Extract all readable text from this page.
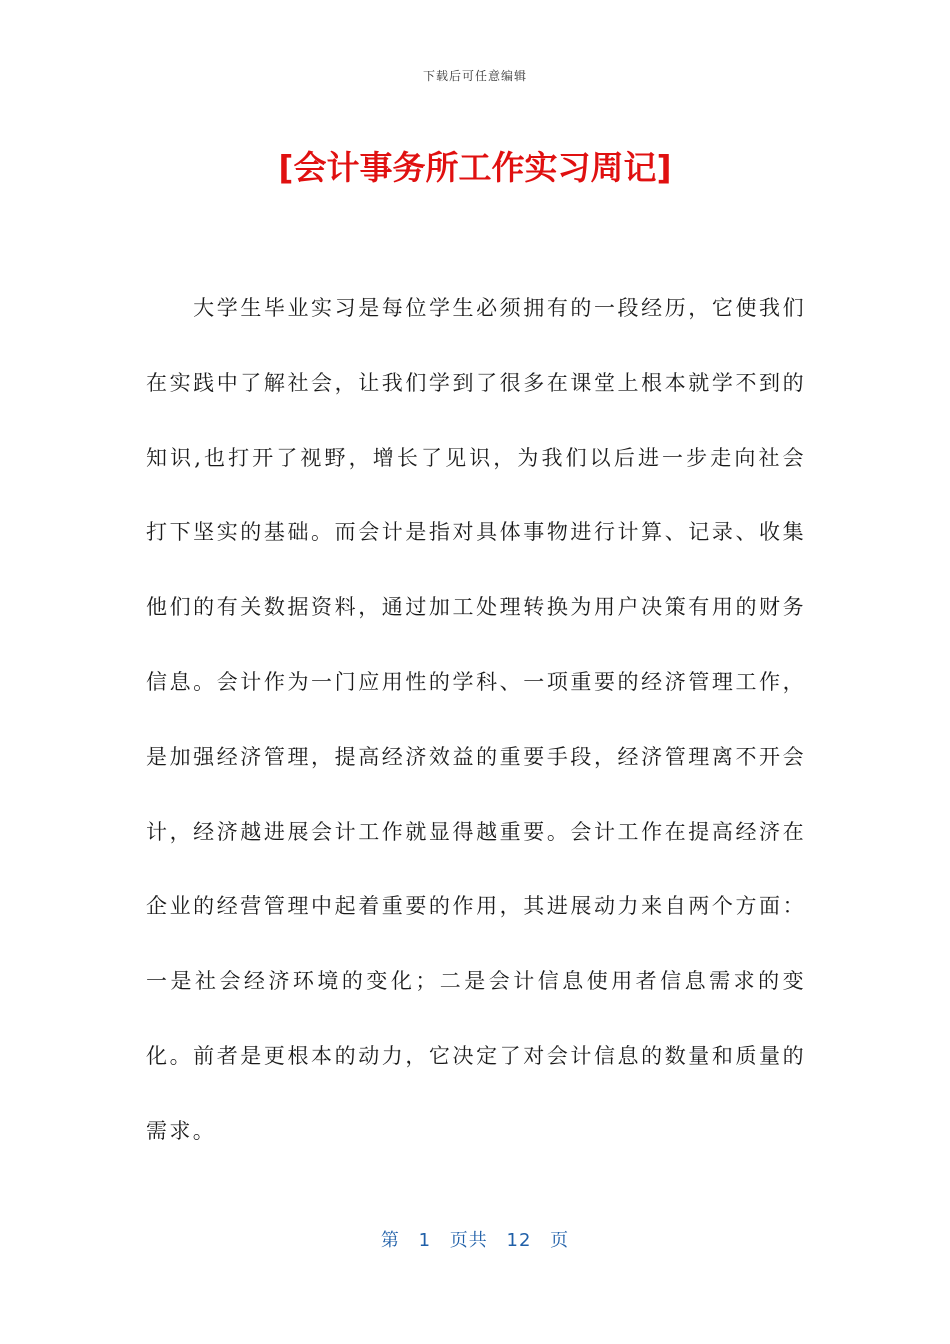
下载后可任意编辑
[会计事务所工作实习周记]

大学生毕业实习是每位学生必须拥有的一段经历，它使我们在实践中了解社会，让我们学到了很多在课堂上根本就学不到的知识,也打开了视野，增长了见识，为我们以后进一步走向社会打下坚实的基础。而会计是指对具体事物进行计算、记录、收集他们的有关数据资料，通过加工处理转换为用户决策有用的财务信息。会计作为一门应用性的学科、一项重要的经济管理工作，是加强经济管理，提高经济效益的重要手段，经济管理离不开会计，经济越进展会计工作就显得越重要。会计工作在提高经济在企业的经营管理中起着重要的作用，其进展动力来自两个方面：一是社会经济环境的变化；二是会计信息使用者信息需求的变化。前者是更根本的动力，它决定了对会计信息的数量和质量的需求。

第 1 页共 12 页
